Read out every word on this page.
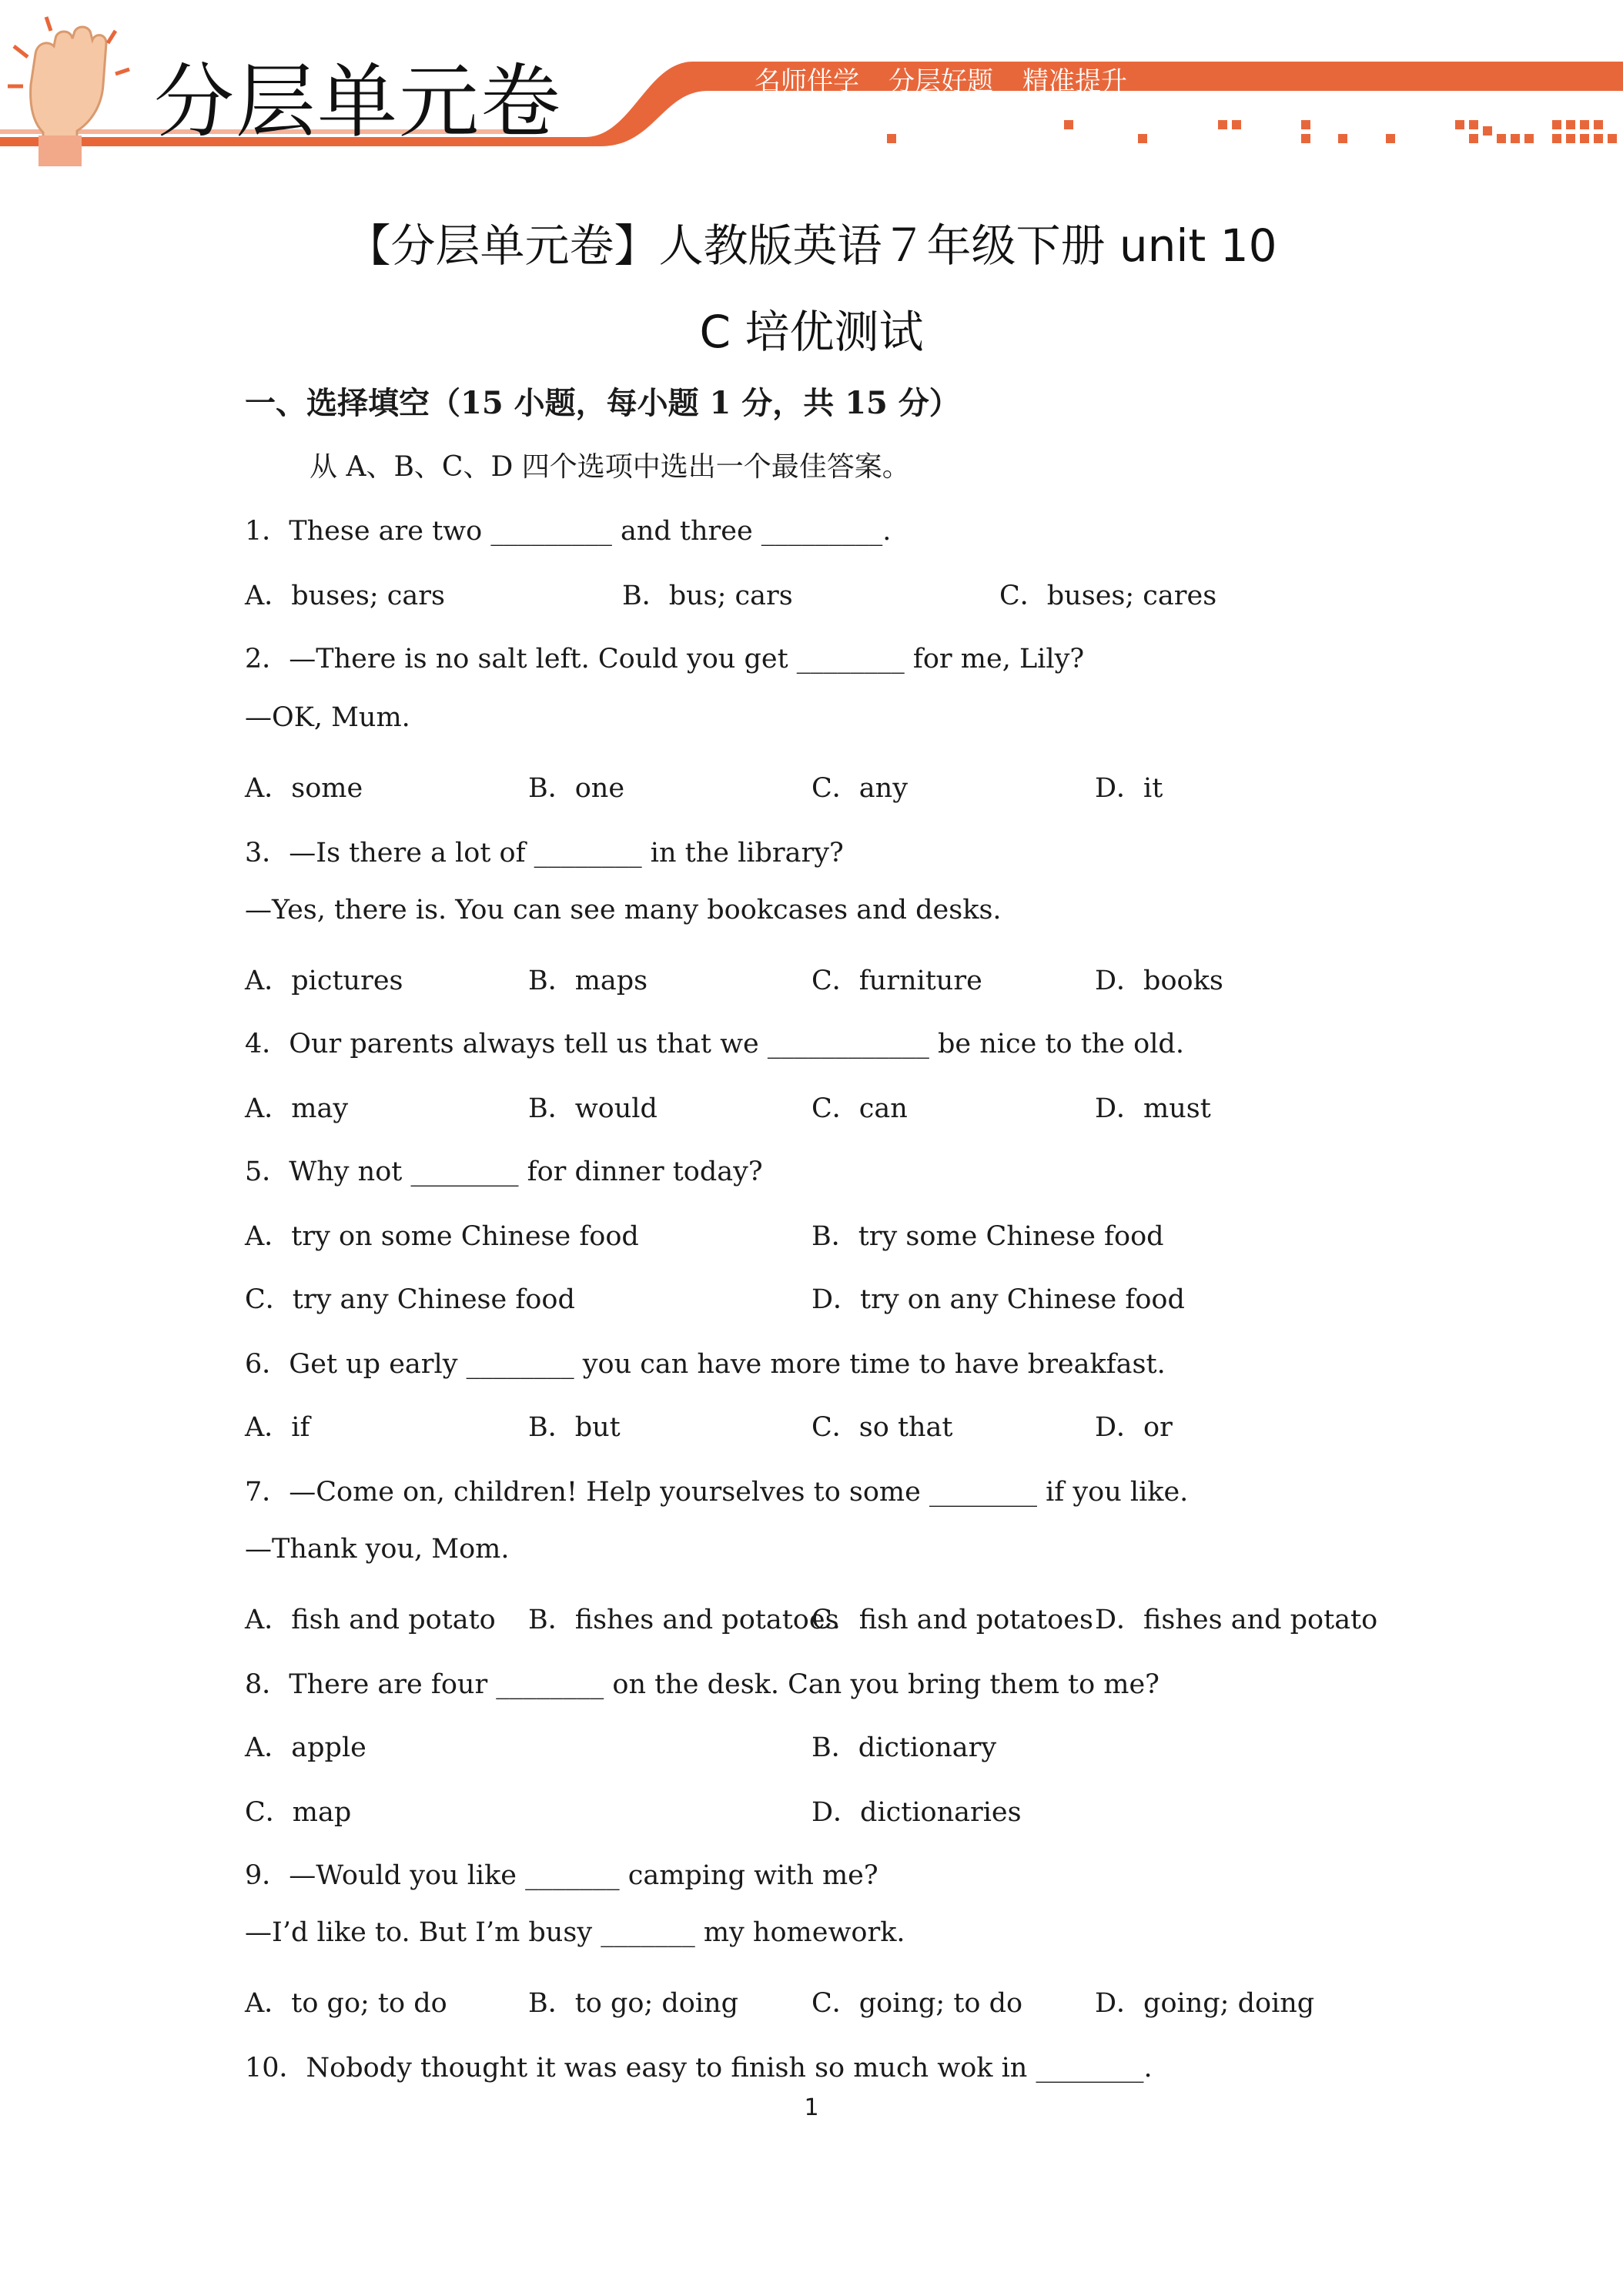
分层单元卷	名师伴学 分层好题 精准提升
【分层单元卷】人教版英语７年级下册 unit 10
C 培优测试
一、选择填空（15 小题，每小题 1 分，共 15 分）
从 A、B、C、D 四个选项中选出一个最佳答案。
1．These are two _________ and three _________.
A．buses; cars	B．bus; cars	C．buses; cares
2．—There is no salt left. Could you get ________ for me, Lily?
—OK, Mum.
A．some	B．one	C．any	D．it
3．—Is there a lot of ________ in the library?
—Yes, there is. You can see many bookcases and desks.
A．pictures	B．maps	C．furniture	D．books
4．Our parents always tell us that we ____________ be nice to the old.
A．may	B．would	C．can	D．must
5．Why not ________ for dinner today?
A．try on some Chinese food	B．try some Chinese food
C．try any Chinese food	D．try on any Chinese food
6．Get up early ________ you can have more time to have breakfast.
A．if	B．but	C．so that	D．or
7．—Come on, children! Help yourselves to some ________ if you like.
—Thank you, Mom.
A．fish and potato B．fishes and potatoes
C．fish and potatoes D．fishes and potato
8．There are four ________ on the desk. Can you bring them to me?
A．apple	B．dictionary
C．map	D．dictionaries
9．—Would you like _______ camping with me?
—I’d like to. But I’m busy _______ my homework.
A．to go; to do	B．to go; doing	C．going; to do	D．going; doing
10．Nobody thought it was easy to finish so much wok in ________.
1
